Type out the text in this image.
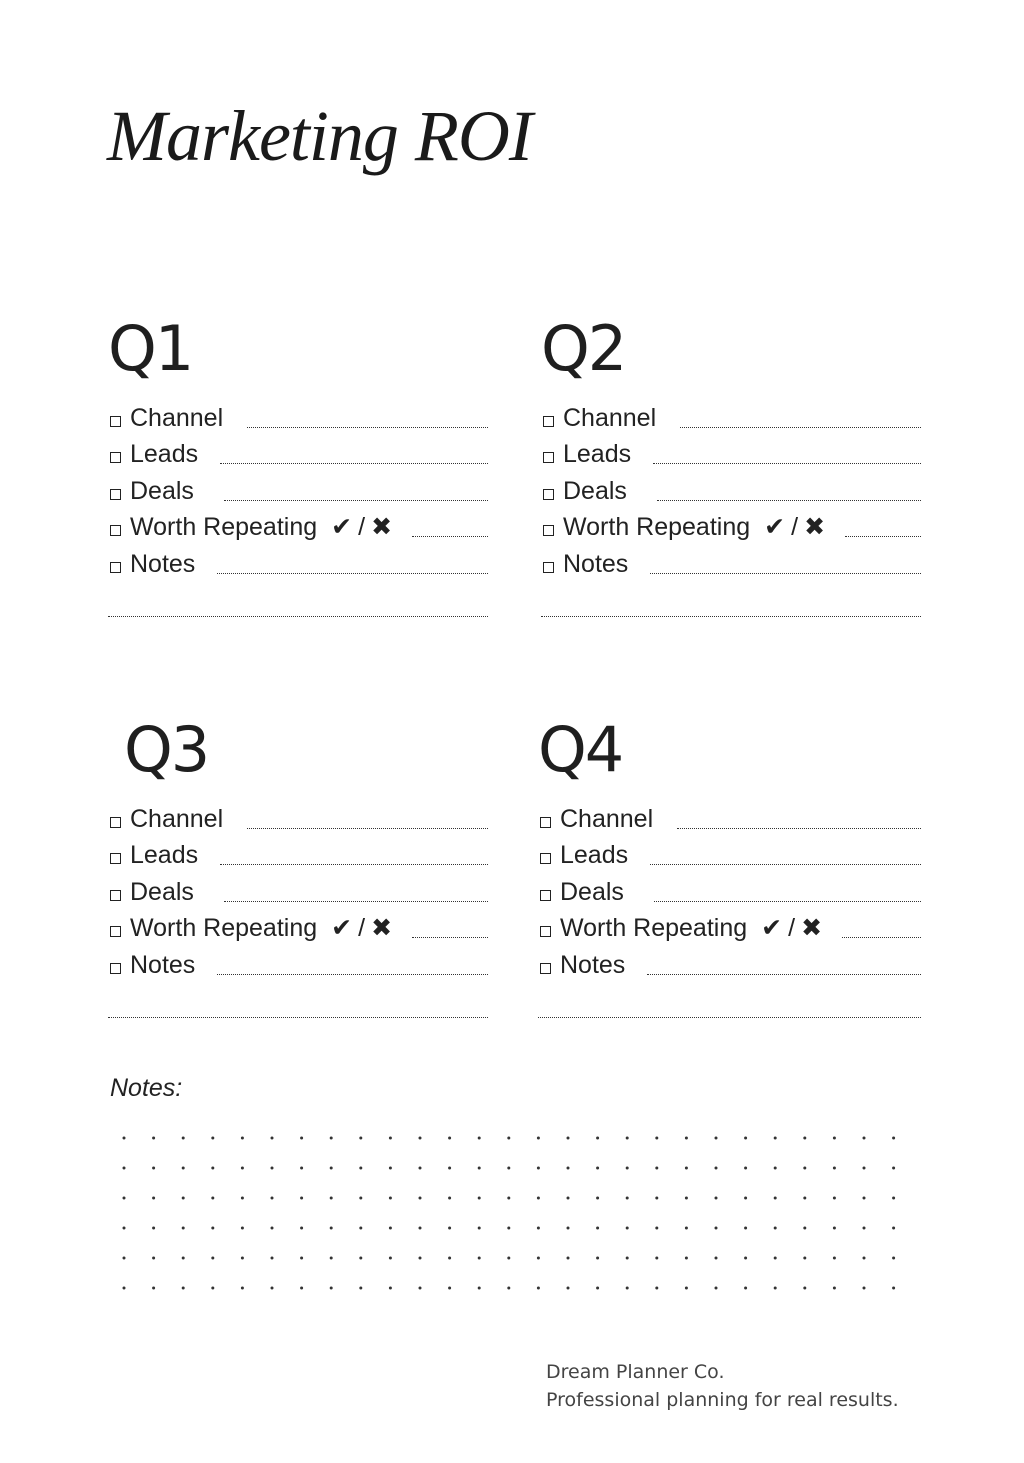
Marketing ROI
Q1
Channel
Leads
Deals
Worth Repeating ✔ / ✖
Notes
Q2
Channel
Leads
Deals
Worth Repeating ✔ / ✖
Notes
Q3
Channel
Leads
Deals
Worth Repeating ✔ / ✖
Notes
Q4
Channel
Leads
Deals
Worth Repeating ✔ / ✖
Notes
Notes:
Dream Planner Co.
Professional planning for real results.
